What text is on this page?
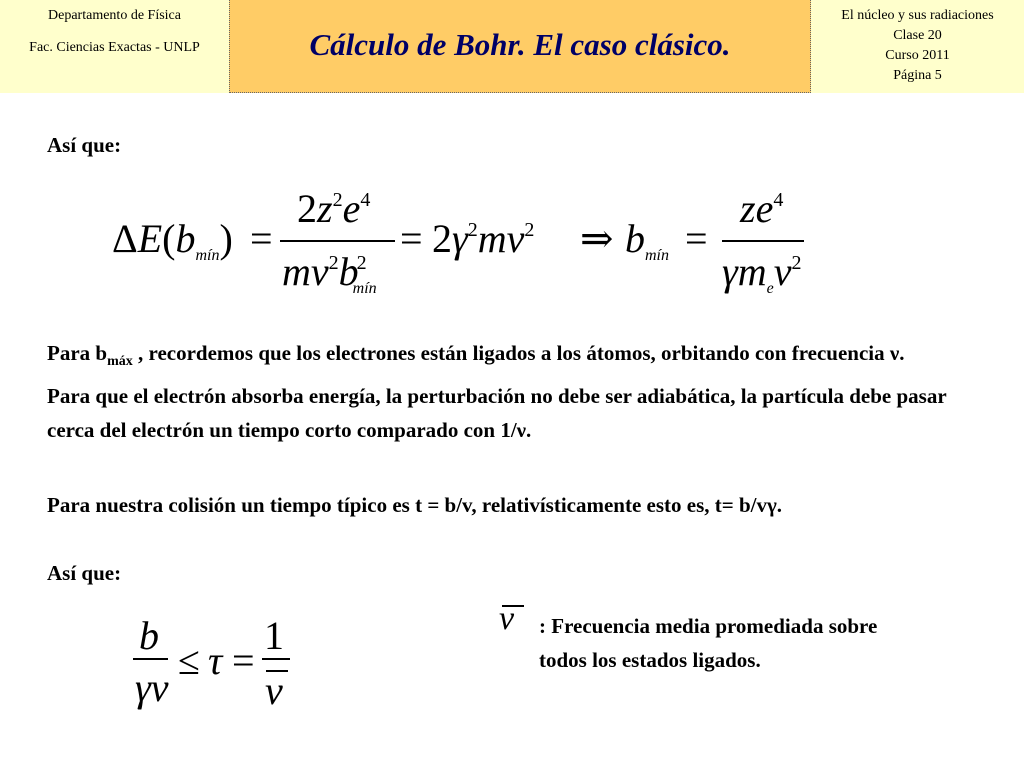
Departamento de Física
Fac. Ciencias Exactas - UNLP	Cálculo de Bohr. El caso clásico.
El núcleo y sus radiaciones
Clase 20
Curso 2011
Página 5
Así que:
$\Delta E(b_{mín})$ =
$2z^2e^4$
$mv^2b^2_{mín}$
= $2\gamma^2mv^2$ ⇒ $b_{mín}$ =
$ze^4$
$\gamma m_ev^2$
Para $b_{máx}$ , recordemos que los electrones están ligados a los átomos, orbitando con frecuencia ν. Para que el electrón absorba energía, la perturbación no debe ser adiabática, la partícula debe pasar cerca del electrón un tiempo corto comparado con 1/ν.
Para nuestra colisión un tiempo típico es t = b/v, relativísticamente esto es, t= b/vγ.
Así que:
b
γv
≤ τ =
1
ν
ν : Frecuencia media promediada sobre todos los estados ligados.
